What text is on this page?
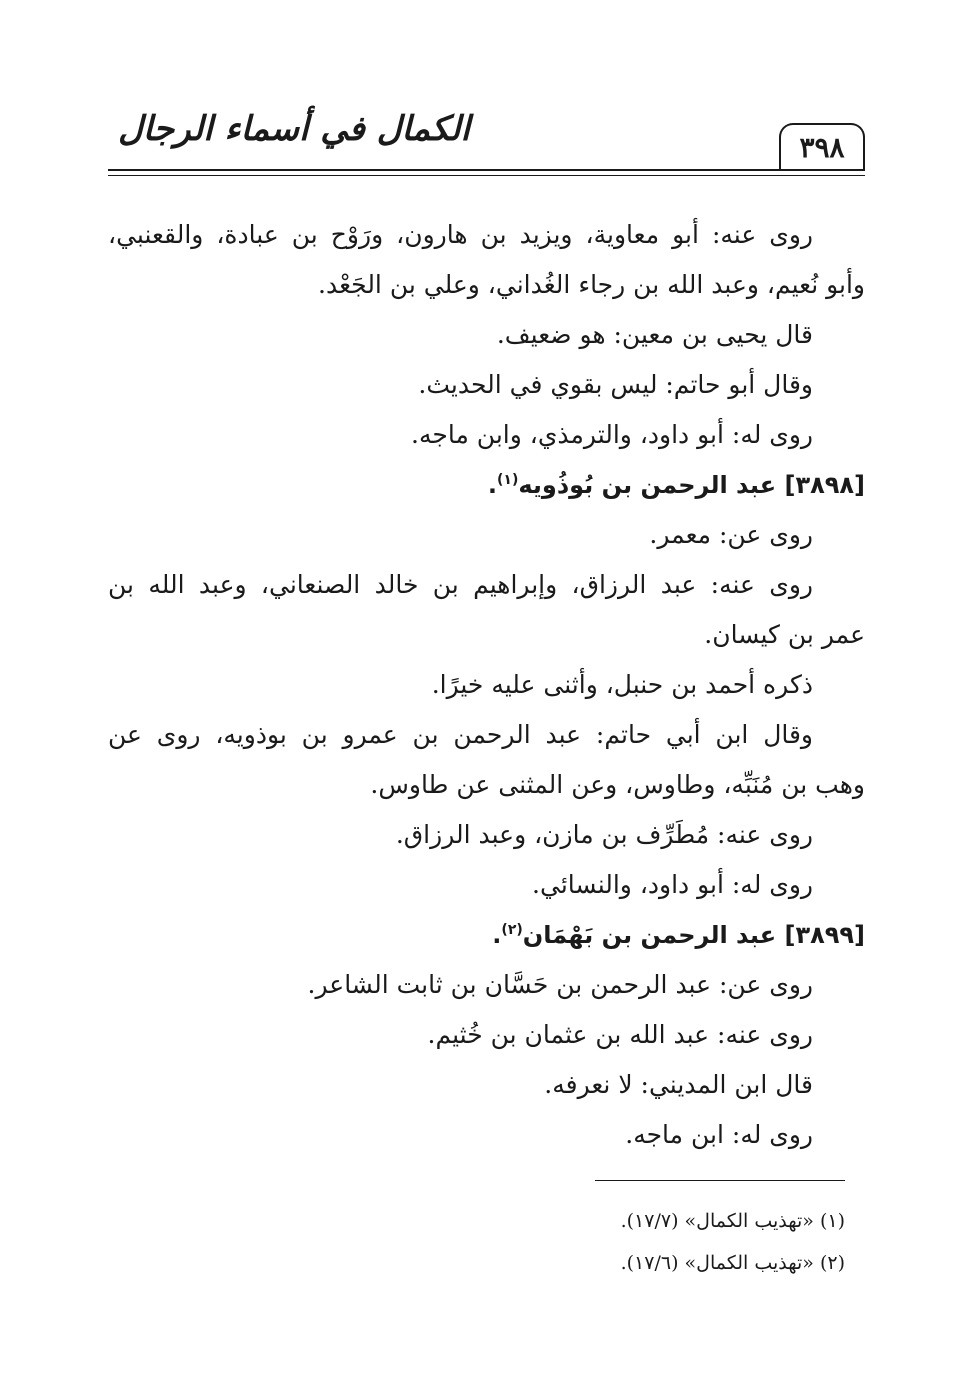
٣٩٨
الكمال في أسماء الرجال
روى عنه: أبو معاوية، ويزيد بن هارون، ورَوْح بن عبادة، والقعنبي،
وأبو نُعيم، وعبد الله بن رجاء الغُداني، وعلي بن الجَعْد.
قال يحيى بن معين: هو ضعيف.
وقال أبو حاتم: ليس بقوي في الحديث.
روى له: أبو داود، والترمذي، وابن ماجه.
[٣٨٩٨] عبد الرحمن بن بُوذُويه$^{(١)}$.
روى عن: معمر.
روى عنه: عبد الرزاق، وإبراهيم بن خالد الصنعاني، وعبد الله بن
عمر بن كيسان.
ذكره أحمد بن حنبل، وأثنى عليه خيرًا.
وقال ابن أبي حاتم: عبد الرحمن بن عمرو بن بوذويه، روى عن
وهب بن مُنَبِّه، وطاوس، وعن المثنى عن طاوس.
روى عنه: مُطَرِّف بن مازن، وعبد الرزاق.
روى له: أبو داود، والنسائي.
[٣٨٩٩] عبد الرحمن بن بَهْمَان$^{(٢)}$.
روى عن: عبد الرحمن بن حَسَّان بن ثابت الشاعر.
روى عنه: عبد الله بن عثمان بن خُثيم.
قال ابن المديني: لا نعرفه.
روى له: ابن ماجه.
(١) «تهذيب الكمال» (١٧/٧).
(٢) «تهذيب الكمال» (١٧/٦).
